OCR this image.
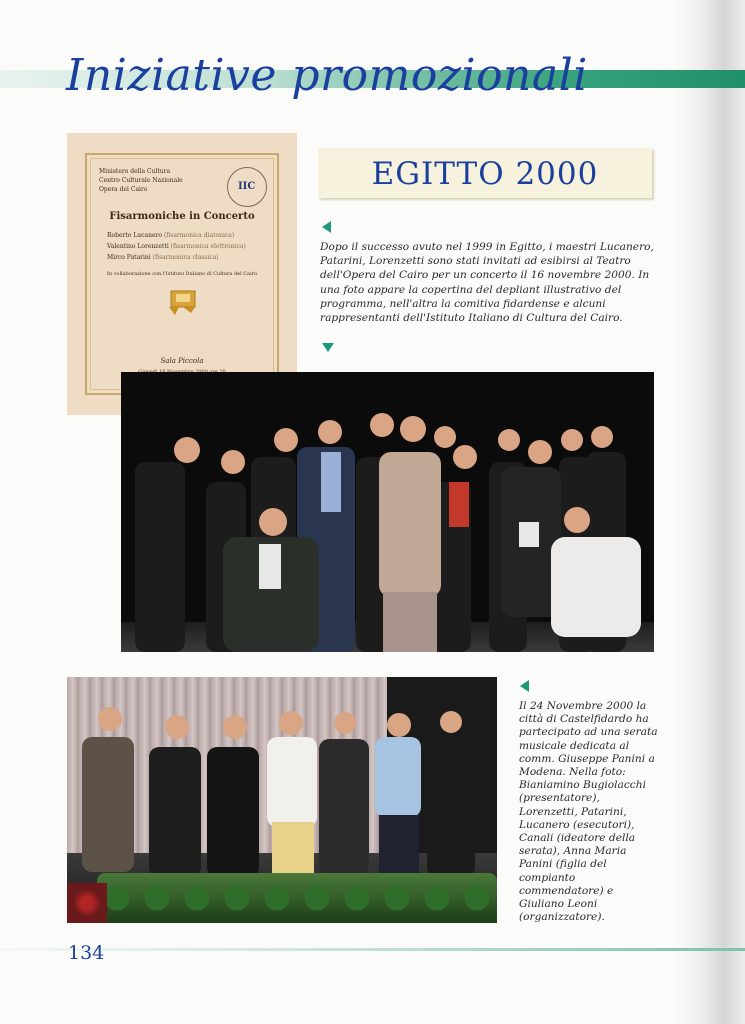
Iniziative promozionali
Ministero della Cultura
Centro Culturale Nazionale
Opera del Cairo	IIC
Fisarmoniche in Concerto
Roberto Lucanero (fisarmonica diatonica)
Valentino Lorenzetti (fisarmonica elettronica)
Mirco Patarini (fisarmonica classica)
In collaborazione con l'Istituto Italiano di Cultura del Cairo
Sala Piccola
EGITTO 2000

Dopo il successo avuto nel 1999 in Egitto, i maestri Lucanero, Patarini, Lorenzetti sono stati invitati ad esibirsi al Teatro dell'Opera del Cairo per un concerto il 16 novembre 2000. In una foto appare la copertina del depliant illustrativo del programma, nell'altra la comitiva fidardense e alcuni rappresentanti dell'Istituto Italiano di Cultura del Cairo.

Il 24 Novembre 2000 la città di Castelfidardo ha partecipato ad una serata musicale dedicata al comm. Giuseppe Panini a Modena. Nella foto: Bianiamino Bugiolacchi (presentatore), Lorenzetti, Patarini, Lucanero (esecutori), Canali (ideatore della serata), Anna Maria Panini (figlia del compianto commendatore) e Giuliano Leoni (organizzatore).

134
